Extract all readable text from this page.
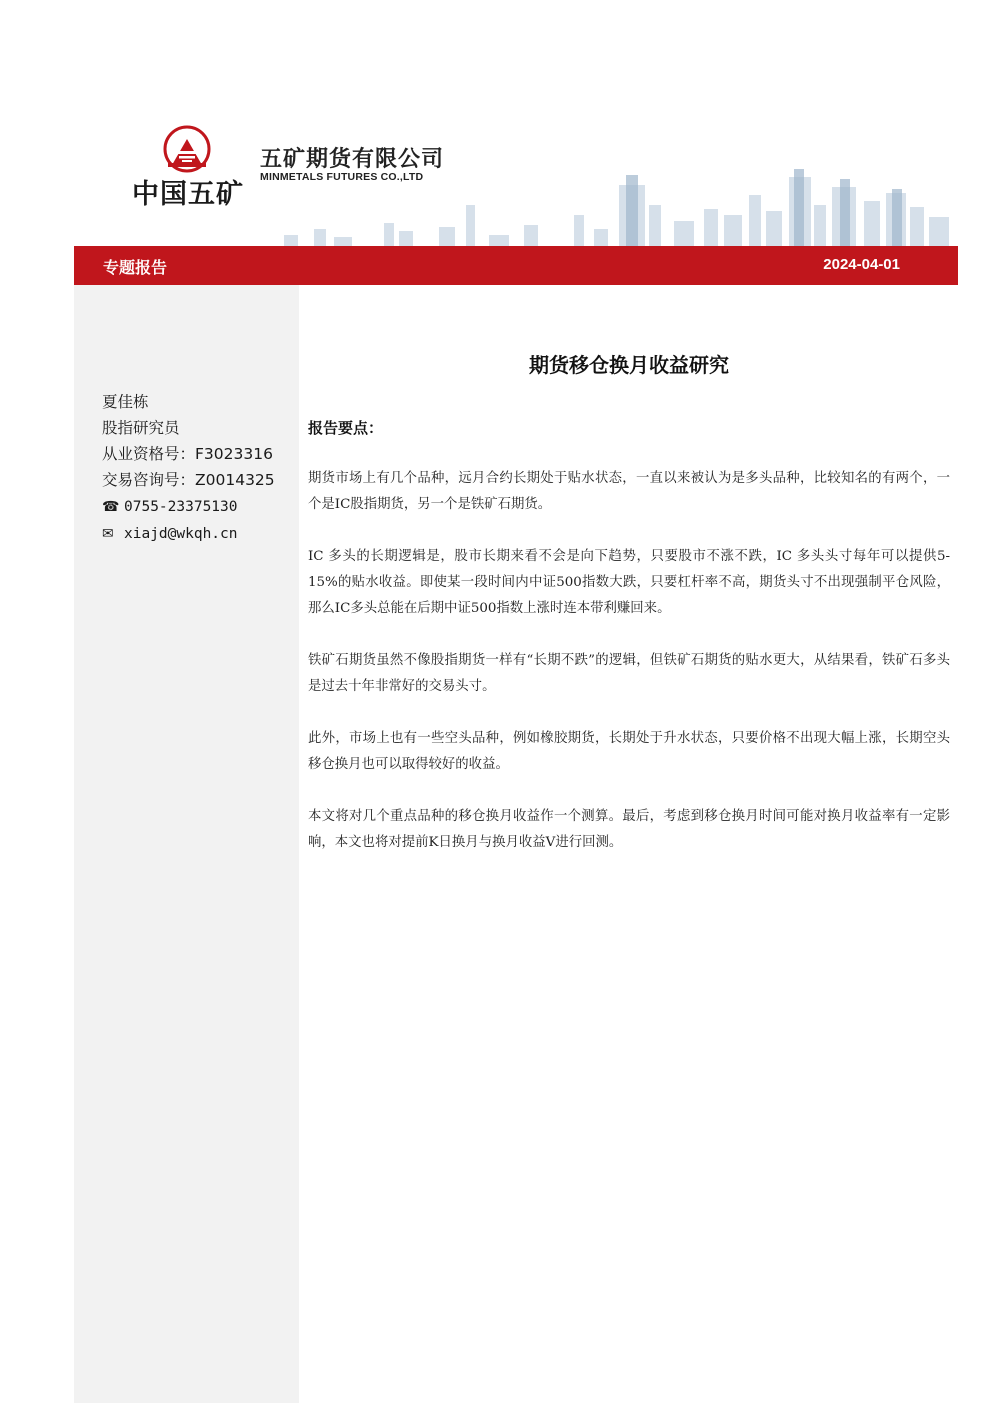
中国五矿
五矿期货有限公司
MINMETALS FUTURES CO.,LTD
专题报告	2024-04-01
夏佳栋
股指研究员
从业资格号：F3023316
交易咨询号：Z0014325
☎ 0755-23375130
✉ xiajd@wkqh.cn
期货移仓换月收益研究
报告要点：
期货市场上有几个品种，远月合约长期处于贴水状态，一直以来被认为是多头品种，比较知名的有两个，一个是IC股指期货，另一个是铁矿石期货。
IC 多头的长期逻辑是，股市长期来看不会是向下趋势，只要股市不涨不跌，IC 多头头寸每年可以提供5-15%的贴水收益。即使某一段时间内中证500指数大跌，只要杠杆率不高，期货头寸不出现强制平仓风险，那么IC多头总能在后期中证500指数上涨时连本带利赚回来。
铁矿石期货虽然不像股指期货一样有“长期不跌”的逻辑，但铁矿石期货的贴水更大，从结果看，铁矿石多头是过去十年非常好的交易头寸。
此外，市场上也有一些空头品种，例如橡胶期货，长期处于升水状态，只要价格不出现大幅上涨，长期空头移仓换月也可以取得较好的收益。
本文将对几个重点品种的移仓换月收益作一个测算。最后，考虑到移仓换月时间可能对换月收益率有一定影响，本文也将对提前K日换月与换月收益V进行回测。
